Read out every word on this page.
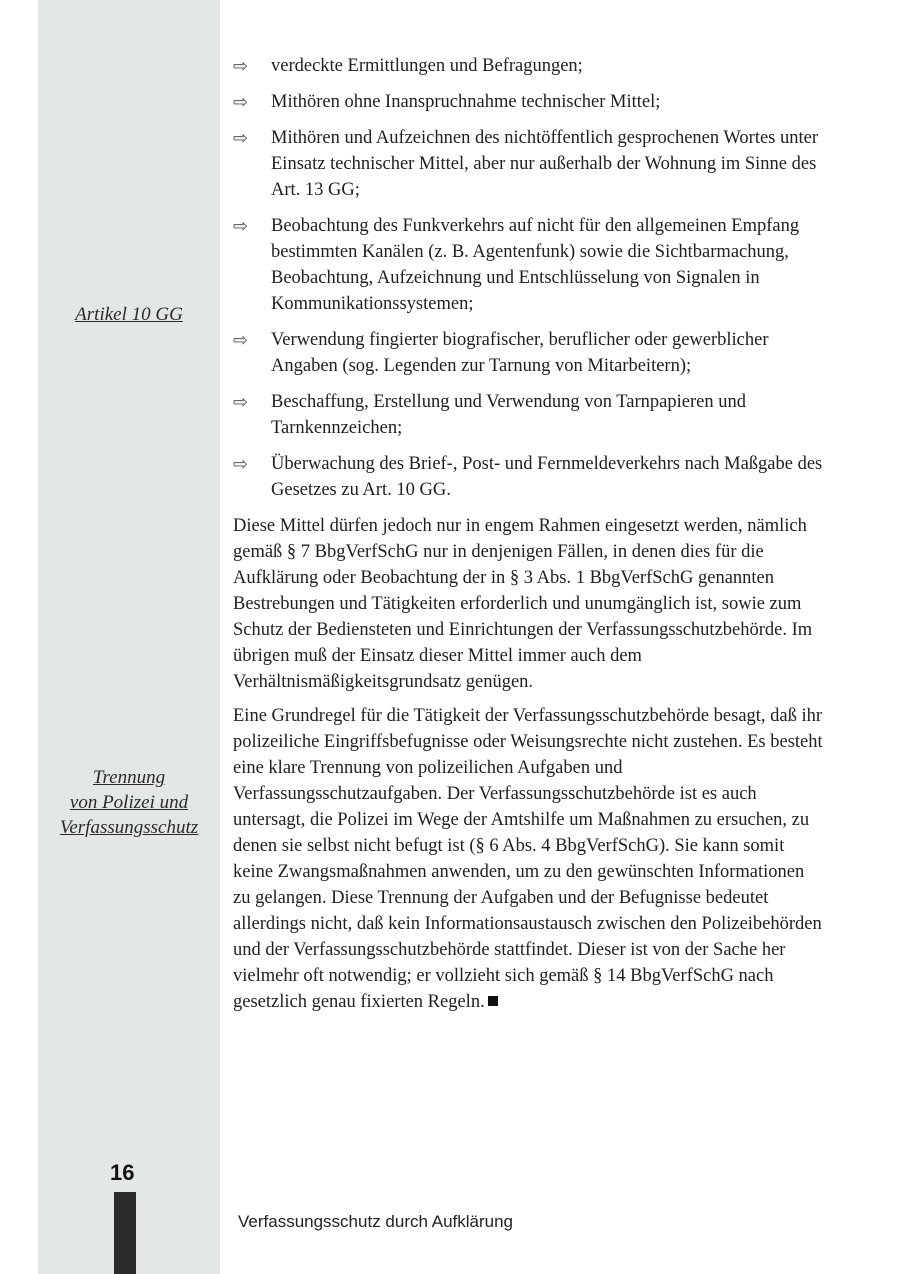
Artikel 10 GG
Trennung
von Polizei und
Verfassungsschutz
16
⇨ verdeckte Ermittlungen und Befragungen;
⇨ Mithören ohne Inanspruchnahme technischer Mittel;
⇨ Mithören und Aufzeichnen des nichtöffentlich gesprochenen Wortes unter Einsatz technischer Mittel, aber nur außerhalb der Wohnung im Sinne des Art. 13 GG;
⇨ Beobachtung des Funkverkehrs auf nicht für den allgemeinen Empfang bestimmten Kanälen (z. B. Agentenfunk) sowie die Sichtbarmachung, Beobachtung, Aufzeichnung und Entschlüsselung von Signalen in Kommunikationssystemen;
⇨ Verwendung fingierter biografischer, beruflicher oder gewerblicher Angaben (sog. Legenden zur Tarnung von Mitarbeitern);
⇨ Beschaffung, Erstellung und Verwendung von Tarnpapieren und Tarnkennzeichen;
⇨ Überwachung des Brief-, Post- und Fernmeldeverkehrs nach Maßgabe des Gesetzes zu Art. 10 GG.

Diese Mittel dürfen jedoch nur in engem Rahmen eingesetzt werden, nämlich gemäß § 7 BbgVerfSchG nur in denjenigen Fällen, in denen dies für die Aufklärung oder Beobachtung der in § 3 Abs. 1 BbgVerfSchG genannten Bestrebungen und Tätigkeiten erforderlich und unumgänglich ist, sowie zum Schutz der Bediensteten und Einrichtungen der Verfassungsschutzbehörde. Im übrigen muß der Einsatz dieser Mittel immer auch dem Verhältnismäßigkeitsgrundsatz genügen.

Eine Grundregel für die Tätigkeit der Verfassungsschutzbehörde besagt, daß ihr polizeiliche Eingriffsbefugnisse oder Weisungsrechte nicht zustehen. Es besteht eine klare Trennung von polizeilichen Aufgaben und Verfassungsschutzaufgaben. Der Verfassungsschutzbehörde ist es auch untersagt, die Polizei im Wege der Amtshilfe um Maßnahmen zu ersuchen, zu denen sie selbst nicht befugt ist (§ 6 Abs. 4 BbgVerfSchG). Sie kann somit keine Zwangsmaßnahmen anwenden, um zu den gewünschten Informationen zu gelangen. Diese Trennung der Aufgaben und der Befugnisse bedeutet allerdings nicht, daß kein Informationsaustausch zwischen den Polizeibehörden und der Verfassungsschutzbehörde stattfindet. Dieser ist von der Sache her vielmehr oft notwendig; er vollzieht sich gemäß § 14 BbgVerfSchG nach gesetzlich genau fixierten Regeln.

Verfassungsschutz durch Aufklärung
